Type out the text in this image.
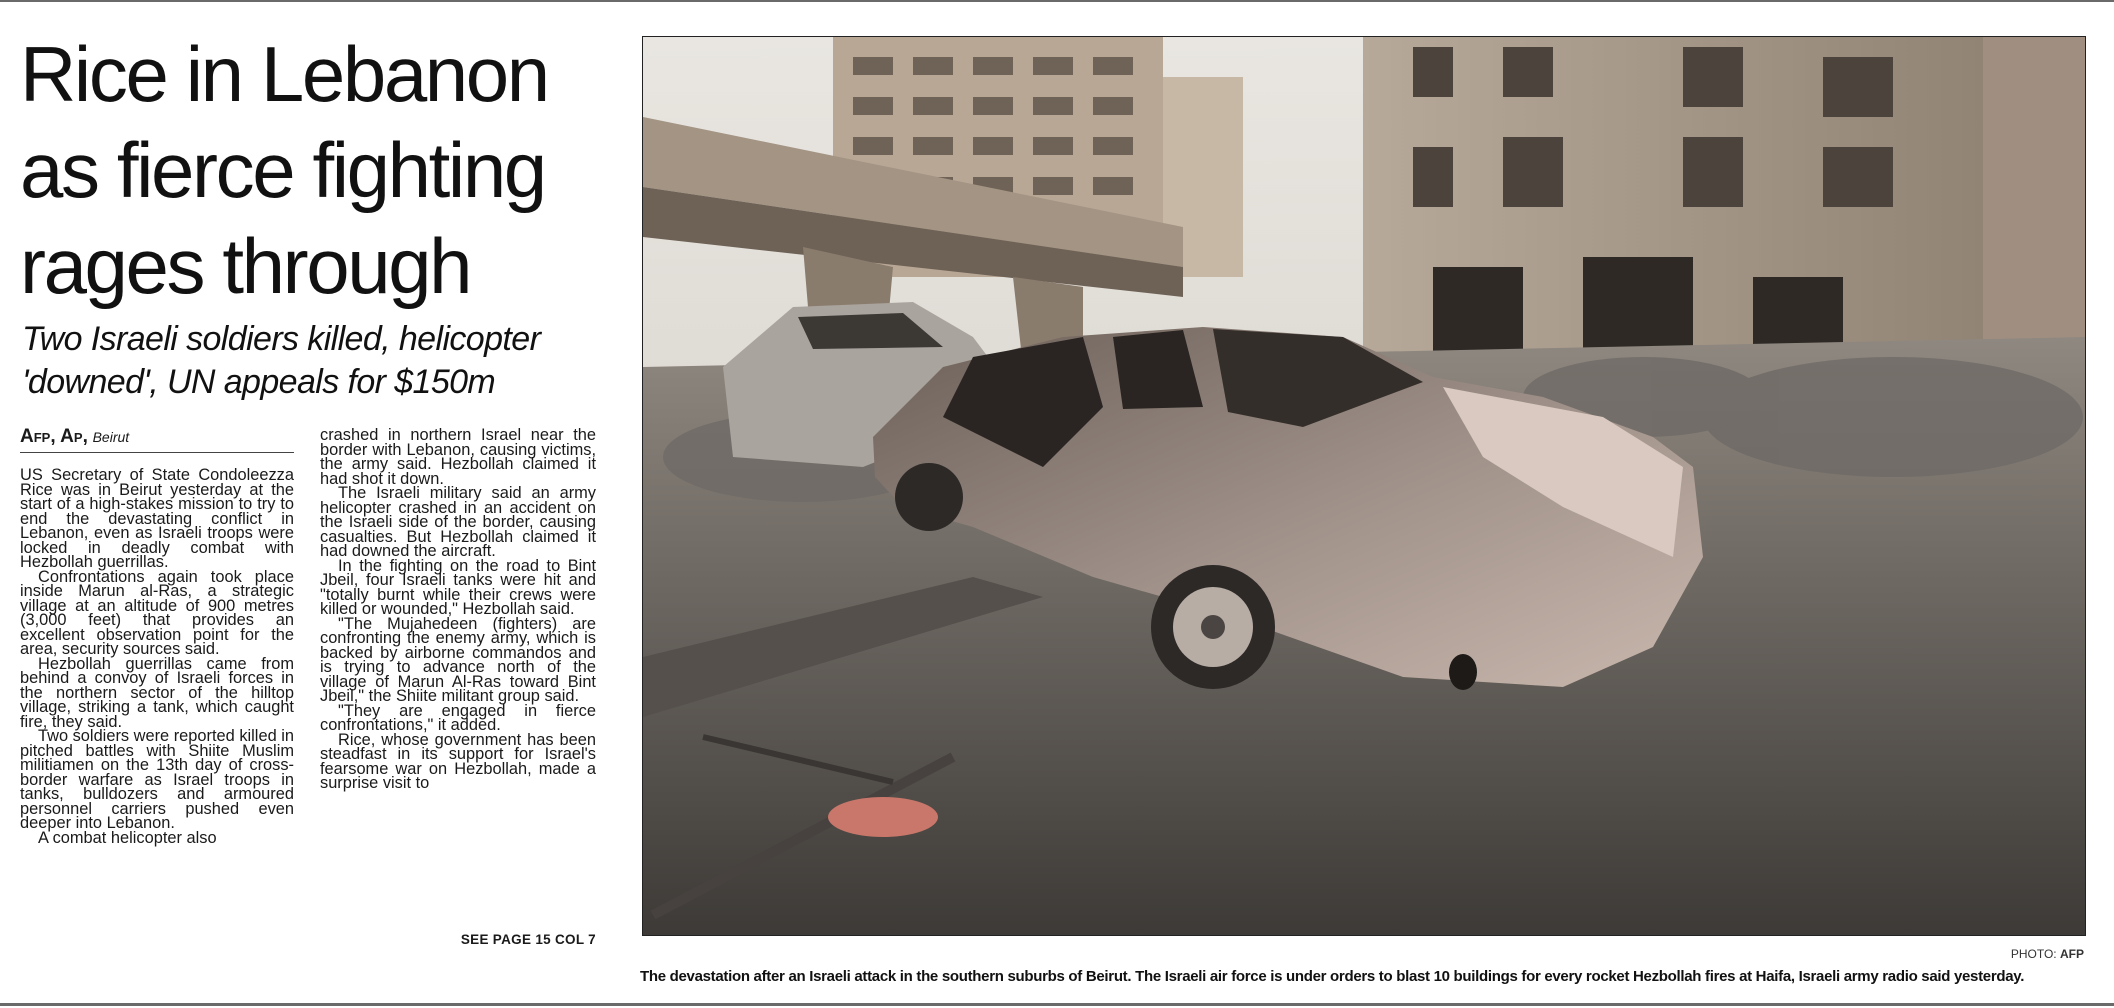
Rice in Lebanon
as fierce fighting
rages through
Two Israeli soldiers killed, helicopter
'downed', UN appeals for $150m
Afp, Ap, Beirut

US Secretary of State Condoleezza Rice was in Beirut yesterday at the start of a high-stakes mission to try to end the devastating conflict in Lebanon, even as Israeli troops were locked in deadly combat with Hezbollah guerrillas.

Confrontations again took place inside Marun al-Ras, a strategic village at an altitude of 900 metres (3,000 feet) that provides an excellent observation point for the area, security sources said.

Hezbollah guerrillas came from behind a convoy of Israeli forces in the northern sector of the hilltop village, striking a tank, which caught fire, they said.

Two soldiers were reported killed in pitched battles with Shiite Muslim militiamen on the 13th day of cross-border warfare as Israel troops in tanks, bulldozers and armoured personnel carriers pushed even deeper into Lebanon.

A combat helicopter also

crashed in northern Israel near the border with Lebanon, causing victims, the army said. Hezbollah claimed it had shot it down.

The Israeli military said an army helicopter crashed in an accident on the Israeli side of the border, causing casualties. But Hezbollah claimed it had downed the aircraft.

In the fighting on the road to Bint Jbeil, four Israeli tanks were hit and "totally burnt while their crews were killed or wounded," Hezbollah said.

"The Mujahedeen (fighters) are confronting the enemy army, which is backed by airborne commandos and is trying to advance north of the village of Marun Al-Ras toward Bint Jbeil," the Shiite militant group said.

"They are engaged in fierce confrontations," it added.

Rice, whose government has been steadfast in its support for Israel's fearsome war on Hezbollah, made a surprise visit to

SEE PAGE 15 COL 7
PHOTO: AFP

The devastation after an Israeli attack in the southern suburbs of Beirut. The Israeli air force is under orders to blast 10 buildings for every rocket Hezbollah fires at Haifa, Israeli army radio said yesterday.
